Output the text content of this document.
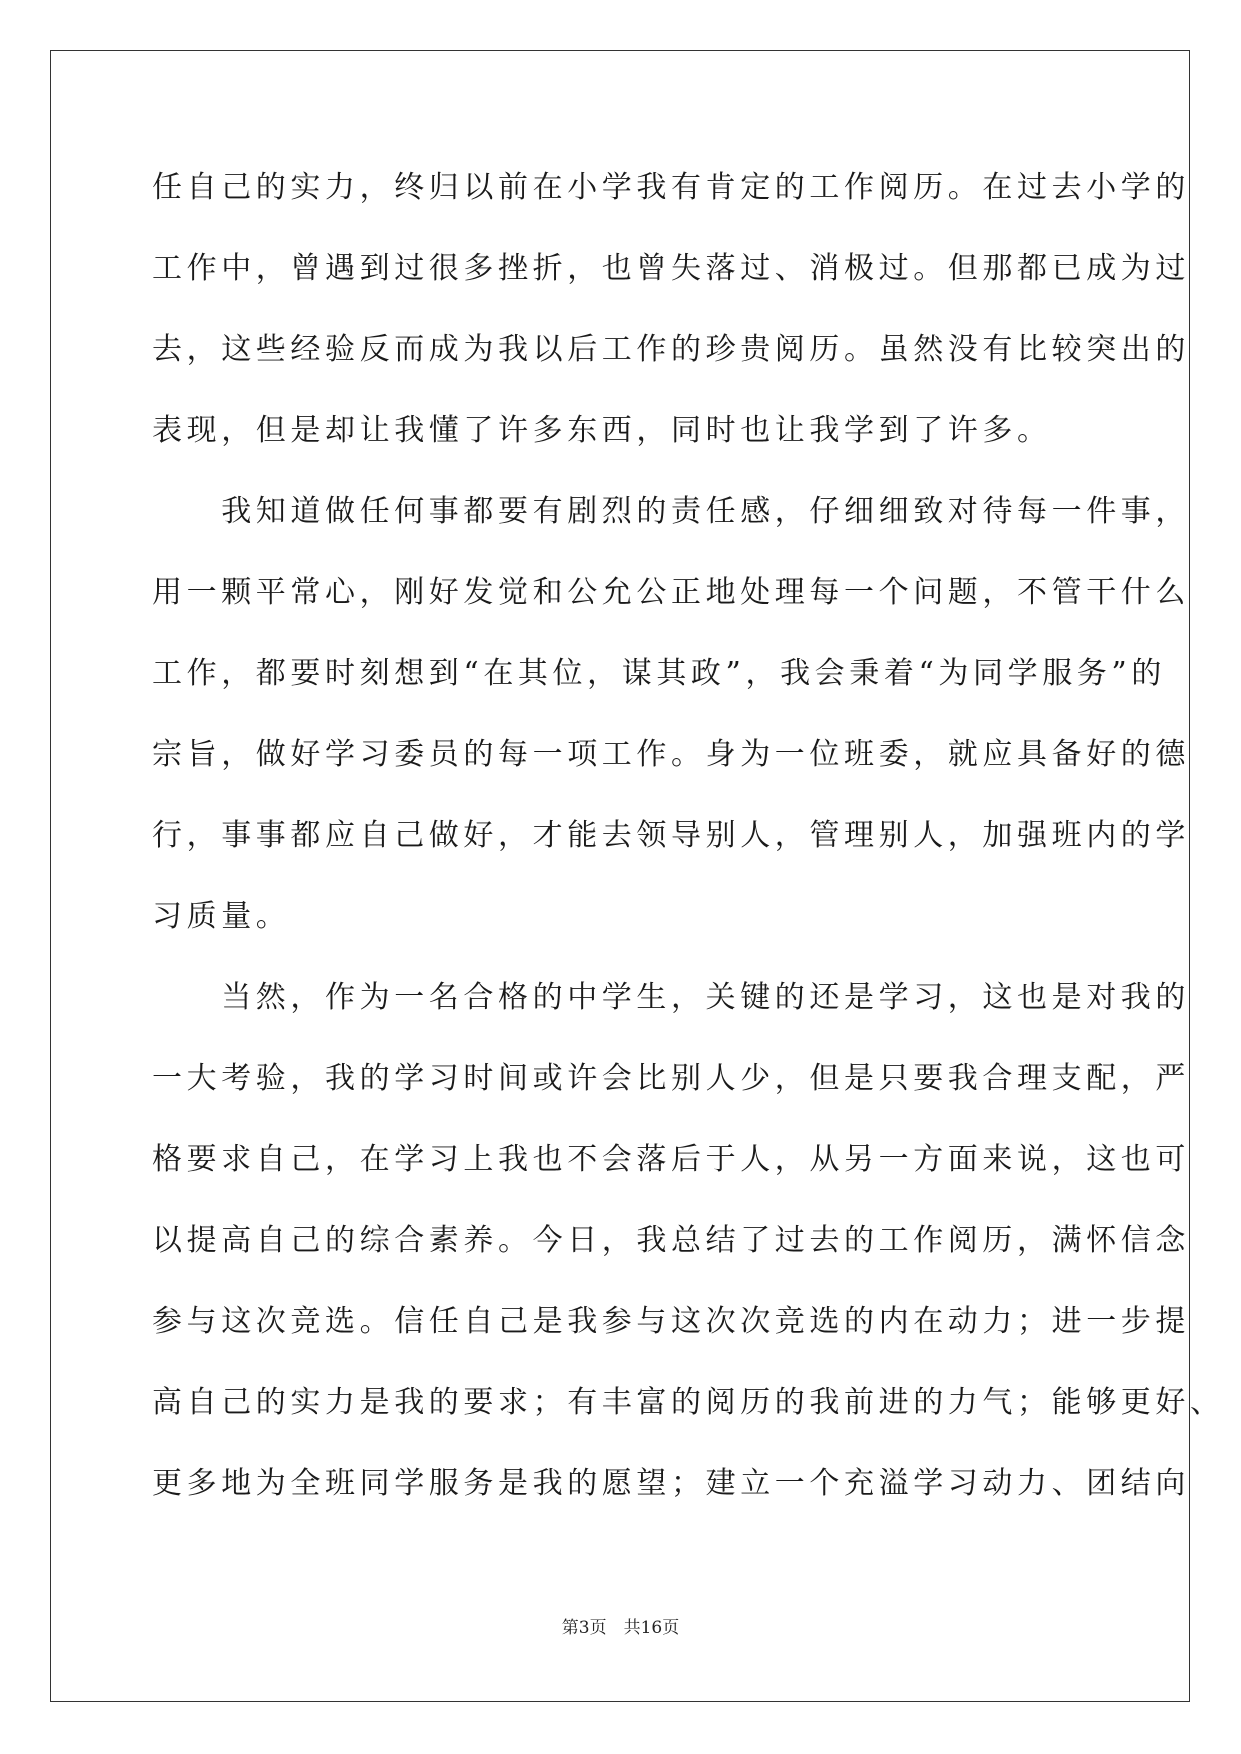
任自己的实力，终归以前在小学我有肯定的工作阅历。在过去小学的
工作中，曾遇到过很多挫折，也曾失落过、消极过。但那都已成为过
去，这些经验反而成为我以后工作的珍贵阅历。虽然没有比较突出的
表现，但是却让我懂了许多东西，同时也让我学到了许多。
　　我知道做任何事都要有剧烈的责任感，仔细细致对待每一件事，
用一颗平常心，刚好发觉和公允公正地处理每一个问题，不管干什么
工作，都要时刻想到“在其位，谋其政”，我会秉着“为同学服务”的
宗旨，做好学习委员的每一项工作。身为一位班委，就应具备好的德
行，事事都应自己做好，才能去领导别人，管理别人，加强班内的学
习质量。
　　当然，作为一名合格的中学生，关键的还是学习，这也是对我的
一大考验，我的学习时间或许会比别人少，但是只要我合理支配，严
格要求自己，在学习上我也不会落后于人，从另一方面来说，这也可
以提高自己的综合素养。今日，我总结了过去的工作阅历，满怀信念
参与这次竞选。信任自己是我参与这次次竞选的内在动力；进一步提
高自己的实力是我的要求；有丰富的阅历的我前进的力气；能够更好、
更多地为全班同学服务是我的愿望；建立一个充溢学习动力、团结向
第3页　共16页
